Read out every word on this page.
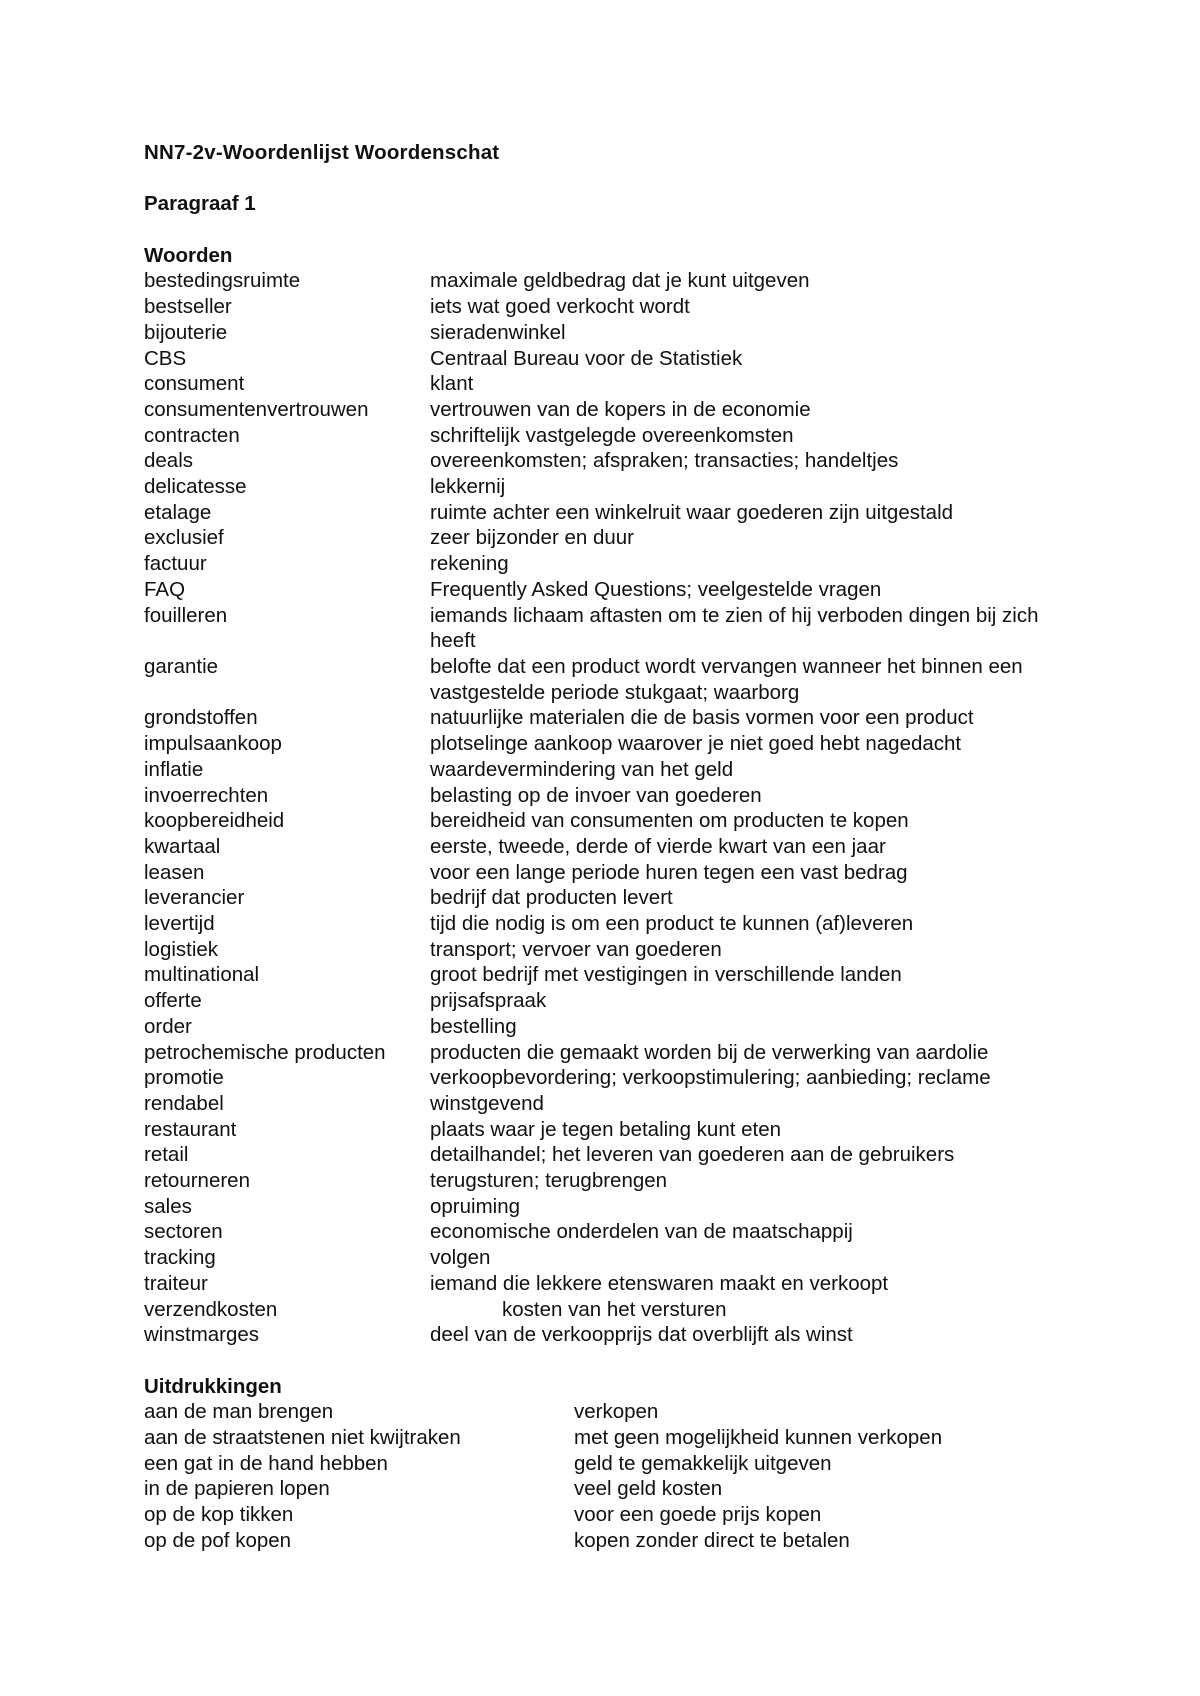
NN7-2v-Woordenlijst Woordenschat
Paragraaf 1
Woorden
bestedingsruimte	maximale geldbedrag dat je kunt uitgeven
bestseller	iets wat goed verkocht wordt
bijouterie	sieradenwinkel
CBS	Centraal Bureau voor de Statistiek
consument	klant
consumentenvertrouwen	vertrouwen van de kopers in de economie
contracten	schriftelijk vastgelegde overeenkomsten
deals	overeenkomsten; afspraken; transacties; handeltjes
delicatesse	lekkernij
etalage	ruimte achter een winkelruit waar goederen zijn uitgestald
exclusief	zeer bijzonder en duur
factuur	rekening
FAQ	Frequently Asked Questions; veelgestelde vragen
fouilleren	iemands lichaam aftasten om te zien of hij verboden dingen bij zich heeft
garantie	belofte dat een product wordt vervangen wanneer het binnen een vastgestelde periode stukgaat; waarborg
grondstoffen	natuurlijke materialen die de basis vormen voor een product
impulsaankoop	plotselinge aankoop waarover je niet goed hebt nagedacht
inflatie	waardevermindering van het geld
invoerrechten	belasting op de invoer van goederen
koopbereidheid	bereidheid van consumenten om producten te kopen
kwartaal	eerste, tweede, derde of vierde kwart van een jaar
leasen	voor een lange periode huren tegen een vast bedrag
leverancier	bedrijf dat producten levert
levertijd	tijd die nodig is om een product te kunnen (af)leveren
logistiek	transport; vervoer van goederen
multinational	groot bedrijf met vestigingen in verschillende landen
offerte	prijsafspraak
order	bestelling
petrochemische producten	producten die gemaakt worden bij de verwerking van aardolie
promotie	verkoopbevordering; verkoopstimulering; aanbieding; reclame
rendabel	winstgevend
restaurant	plaats waar je tegen betaling kunt eten
retail	detailhandel; het leveren van goederen aan de gebruikers
retourneren	terugsturen; terugbrengen
sales	opruiming
sectoren	economische onderdelen van de maatschappij
tracking	volgen
traiteur	iemand die lekkere etenswaren maakt en verkoopt
verzendkosten	kosten van het versturen
winstmarges	deel van de verkoopprijs dat overblijft als winst
Uitdrukkingen
aan de man brengen	verkopen
aan de straatstenen niet kwijtraken	met geen mogelijkheid kunnen verkopen
een gat in de hand hebben	geld te gemakkelijk uitgeven
in de papieren lopen	veel geld kosten
op de kop tikken	voor een goede prijs kopen
op de pof kopen	kopen zonder direct te betalen
